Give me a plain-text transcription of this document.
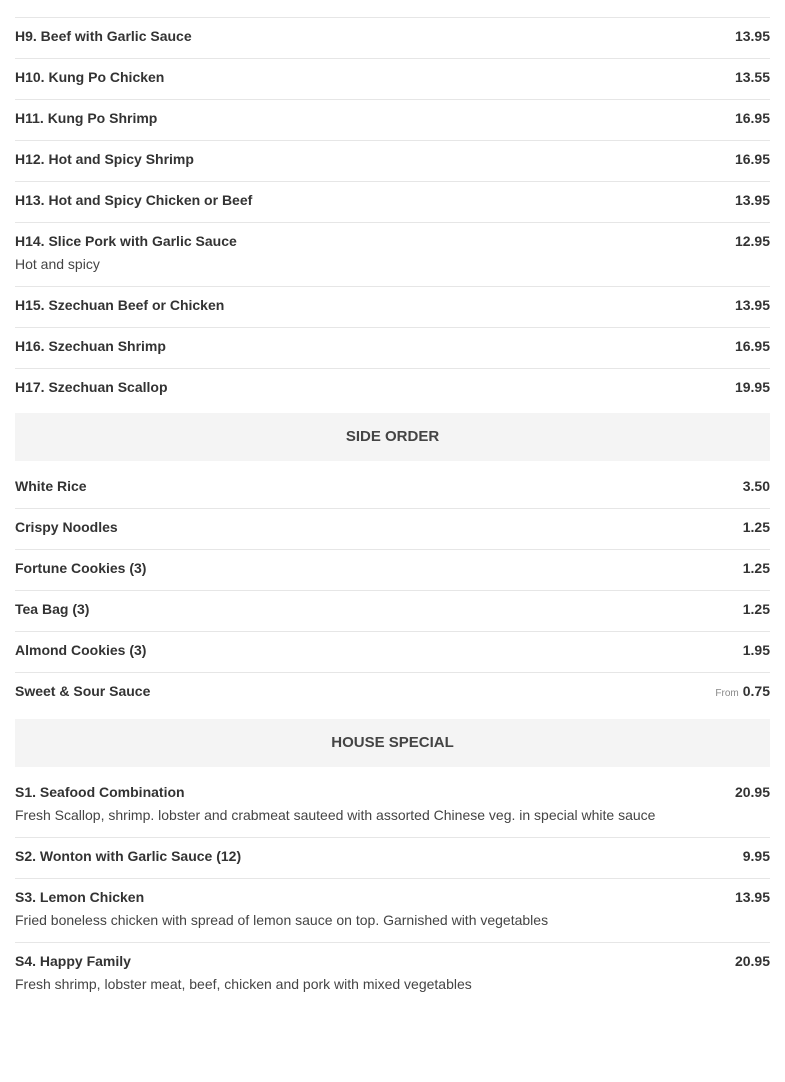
H9. Beef with Garlic Sauce	13.95
H10. Kung Po Chicken	13.55
H11. Kung Po Shrimp	16.95
H12. Hot and Spicy Shrimp	16.95
H13. Hot and Spicy Chicken or Beef	13.95
H14. Slice Pork with Garlic Sauce	12.95
Hot and spicy
H15. Szechuan Beef or Chicken	13.95
H16. Szechuan Shrimp	16.95
H17. Szechuan Scallop	19.95
SIDE ORDER
White Rice	3.50
Crispy Noodles	1.25
Fortune Cookies (3)	1.25
Tea Bag (3)	1.25
Almond Cookies (3)	1.95
Sweet & Sour Sauce	From 0.75
HOUSE SPECIAL
S1. Seafood Combination	20.95
Fresh Scallop, shrimp. lobster and crabmeat sauteed with assorted Chinese veg. in special white sauce
S2. Wonton with Garlic Sauce (12)	9.95
S3. Lemon Chicken	13.95
Fried boneless chicken with spread of lemon sauce on top. Garnished with vegetables
S4. Happy Family	20.95
Fresh shrimp, lobster meat, beef, chicken and pork with mixed vegetables
